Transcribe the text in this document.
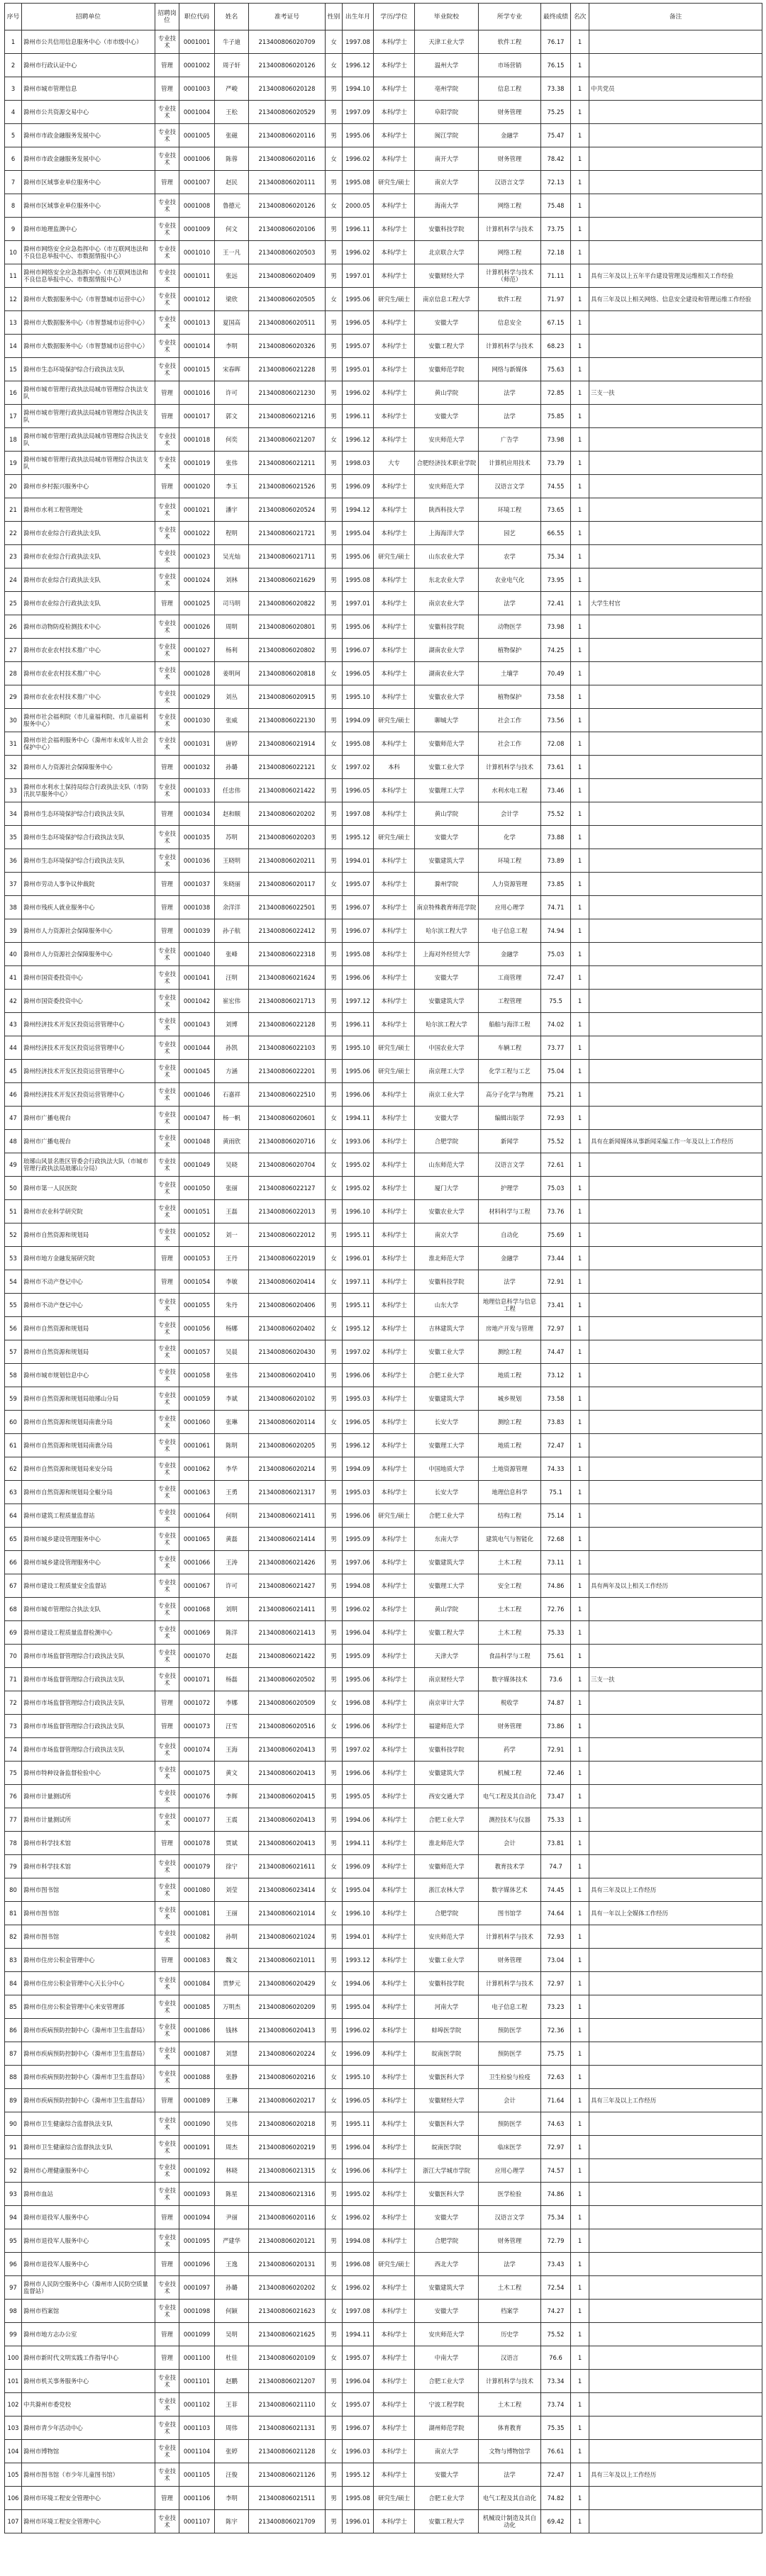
序号	招聘单位	招聘岗位	职位代码	姓名	准考证号	性别	出生年月	学历/学位	毕业院校	所学专业	最终成绩	名次	备注
1	滁州市公共信用信息服务中心（市市级中心）	专业技术	0001001	牛子迪	213400806020709	女	1997.08	本科/学士	天津工业大学	软件工程	76.17	1	
2	滁州市行政认证中心	管理	0001002	周子轩	213400806020126	女	1996.12	本科/学士	温州大学	市场营销	76.15	1	
3	滁州市城市管理信息	管理	0001003	严峻	213400806020128	男	1994.10	本科/学士	亳州学院	信息工程	73.38	1	中共党员
4	滁州市公共资源交易中心	专业技术	0001004	王松	213400806020529	男	1997.09	本科/学士	阜阳学院	财务管理	75.25	1	
5	滁州市市政金融服务发展中心	专业技术	0001005	张磁	213400806020116	男	1995.06	本科/学士	闽江学院	金融学	75.47	1	
6	滁州市市政金融服务发展中心	专业技术	0001006	陈蓉	213400806020116	女	1996.02	本科/学士	南开大学	财务管理	78.42	1	
7	滁州市区域事业单位服务中心	管理	0001007	赵民	213400806020111	男	1995.08	研究生/硕士	南京大学	汉语言文学	72.13	1	
8	滁州市区域事业单位服务中心	专业技术	0001008	鲁德元	213400806020126	女	2000.05	本科/学士	海南大学	网络工程	75.48	1	
9	滁州市地理监测中心	专业技术	0001009	何文	213400806020106	男	1996.11	本科/学士	安徽科技学院	计算机科学与技术	73.75	1	
10	滁州市网络安全应急指挥中心（市互联网违法和不良信息举报中心、市数据情报中心）	专业技术	0001010	王一凡	213400806020503	男	1996.02	本科/学士	北京联合大学	网络工程	72.18	1	
11	滁州市网络安全应急指挥中心（市互联网违法和不良信息举报中心、市数据情报中心）	专业技术	0001011	张远	213400806020409	男	1997.01	本科/学士	安徽财经大学	计算机科学与技术（师范）	71.11	1	具有三年及以上五年平台建设管理及运维相关工作经验
12	滁州市大数据服务中心（市智慧城市运营中心）	专业技术	0001012	梁欣	213400806020505	女	1995.06	研究生/硕士	南京信息工程大学	软件工程	71.97	1	具有三年及以上相关网络、信息安全建设和管理运维工作经验
13	滁州市大数据服务中心（市智慧城市运营中心）	专业技术	0001013	夏国高	213400806020511	男	1996.05	本科/学士	安徽大学	信息安全	67.15	1	
14	滁州市大数据服务中心（市智慧城市运营中心）	专业技术	0001014	李明	213400806020326	男	1995.07	本科/学士	安徽工程大学	计算机科学与技术	68.23	1	
15	滁州市生态环境保护综合行政执法支队	专业技术	0001015	宋春晖	213400806021228	男	1995.01	本科/学士	安徽师范学院	网络与新媒体	75.63	1	
16	滁州市城市管理行政执法局城市管理综合执法支队	管理	0001016	许可	213400806021230	男	1996.02	本科/学士	黄山学院	法学	72.85	1	三支一扶
17	滁州市城市管理行政执法局城市管理综合执法支队	管理	0001017	郭文	213400806021216	男	1996.11	本科/学士	安徽大学	法学	75.85	1	
18	滁州市城市管理行政执法局城市管理综合执法支队	专业技术	0001018	何奕	213400806021207	女	1996.12	本科/学士	安庆师范大学	广告学	73.98	1	
19	滁州市城市管理行政执法局城市管理综合执法支队	专业技术	0001019	张伟	213400806021211	男	1998.03	大专	合肥经济技术职业学院	计算机应用技术	73.79	1	
20	滁州市乡村振兴服务中心	管理	0001020	李玉	213400806021526	男	1996.09	本科/学士	安庆师范大学	汉语言文学	74.55	1	
21	滁州市水利工程管理处	专业技术	0001021	潘宇	213400806020524	男	1994.12	本科/学士	陕西科技大学	环境工程	73.65	1	
22	滁州市农业综合行政执法支队	专业技术	0001022	程明	213400806021721	男	1995.04	本科/学士	上海海洋大学	园艺	66.55	1	
23	滁州市农业综合行政执法支队	专业技术	0001023	吴光灿	213400806021711	男	1995.06	研究生/硕士	山东农业大学	农学	75.34	1	
24	滁州市农业综合行政执法支队	专业技术	0001024	刘林	213400806021629	男	1995.08	本科/学士	东北农业大学	农业电气化	73.95	1	
25	滁州市农业综合行政执法支队	管理	0001025	司马明	213400806020822	男	1997.01	本科/学士	南京农业大学	法学	72.41	1	大学生村官
26	滁州市动物防疫检测技术中心	专业技术	0001026	周明	213400806020801	男	1995.06	本科/学士	安徽科技学院	动物医学	73.98	1	
27	滁州市农业农村技术推广中心	专业技术	0001027	杨利	213400806020802	男	1996.07	本科/学士	湖南农业大学	植物保护	74.25	1	
28	滁州市农业农村技术推广中心	专业技术	0001028	姜明珂	213400806020818	女	1996.05	本科/学士	湖南农业大学	土壤学	70.49	1	
29	滁州市农业农村技术推广中心	专业技术	0001029	刘丛	213400806020915	男	1995.10	本科/学士	安徽农业大学	植物保护	73.58	1	
30	滁州市社会福利院（市儿童福利院、市儿童福利服务中心）	专业技术	0001030	张威	213400806022130	男	1994.09	研究生/硕士	聊城大学	社会工作	73.56	1	
31	滁州市社会福利服务中心（滁州市未成年人社会保护中心）	专业技术	0001031	唐婷	213400806021914	女	1995.08	本科/学士	安徽师范大学	社会工作	72.08	1	
32	滁州市人力资源社会保障服务中心	管理	0001032	孙璐	213400806022121	女	1997.02	本科	安徽工业大学	计算机科学与技术	73.61	1	
33	滁州市水利水土保持局综合行政执法支队（市防汛抗旱服务中心）	专业技术	0001033	任忠伟	213400806021422	男	1996.05	本科/学士	安徽理工大学	水利水电工程	73.46	1	
34	滁州市生态环境保护综合行政执法支队	管理	0001034	赵和顺	213400806020202	男	1997.08	本科/学士	黄山学院	会计学	75.52	1	
35	滁州市生态环境保护综合行政执法支队	专业技术	0001035	苏明	213400806020203	男	1995.12	研究生/硕士	安徽大学	化学	73.88	1	
36	滁州市生态环境保护综合行政执法支队	专业技术	0001036	王晓明	213400806020211	男	1994.01	本科/学士	安徽建筑大学	环境工程	73.89	1	
37	滁州市劳动人事争议仲裁院	管理	0001037	朱晓丽	213400806020117	女	1995.07	本科/学士	滁州学院	人力资源管理	73.85	1	
38	滁州市残疾人就业服务中心	管理	0001038	余洋洋	213400806022501	男	1996.07	本科/学士	南京特殊教育师范学院	应用心理学	74.71	1	
39	滁州市人力资源社会保障服务中心	管理	0001039	孙子航	213400806022412	男	1996.07	本科/学士	哈尔滨工程大学	电子信息工程	74.94	1	
40	滁州市人力资源社会保障服务中心	专业技术	0001040	张峰	213400806022318	男	1995.08	本科/学士	上海对外经贸大学	金融学	75.03	1	
41	滁州市国资委投资中心	专业技术	0001041	汪明	213400806021624	男	1996.06	本科/学士	安徽大学	工商管理	72.47	1	
42	滁州市国资委投资中心	专业技术	0001042	崔宏伟	213400806021713	男	1997.12	本科/学士	安徽建筑大学	工程管理	75.5	1	
43	滁州经济技术开发区投资运营管理中心	专业技术	0001043	刘博	213400806022128	男	1996.11	本科/学士	哈尔滨工程大学	船舶与海洋工程	74.02	1	
44	滁州经济技术开发区投资运营管理中心	专业技术	0001044	孙凯	213400806022103	男	1995.10	研究生/硕士	中国农业大学	车辆工程	73.77	1	
45	滁州经济技术开发区投资运营管理中心	专业技术	0001045	方涵	213400806022201	男	1995.06	研究生/硕士	南京理工大学	化学工程与工艺	75.04	1	
46	滁州经济技术开发区投资运营管理中心	专业技术	0001046	石嘉祥	213400806022510	男	1996.06	本科/学士	南京工业大学	高分子化学与物理	75.21	1	
47	滁州市广播电视台	专业技术	0001047	杨一帆	213400806020601	女	1994.11	本科/学士	安徽大学	编辑出版学	72.93	1	
48	滁州市广播电视台	专业技术	0001048	黄雨欣	213400806020716	女	1993.06	本科/学士	合肥学院	新闻学	75.52	1	具有在新闻媒体从事新闻采编工作一年及以上工作经历
49	琅琊山风景名胜区管委会行政执法大队（市城市管理行政执法局琅琊山分局）	专业技术	0001049	吴晓	213400806020704	女	1995.02	本科/学士	山东师范大学	汉语言文学	72.61	1	
50	滁州市第一人民医院	专业技术	0001050	张丽	213400806022127	女	1995.02	本科/学士	厦门大学	护理学	75.03	1	
51	滁州市农业科学研究院	专业技术	0001051	王磊	213400806022013	男	1996.10	本科/学士	安徽农业大学	材料科学与工程	73.76	1	
52	滁州市自然资源和规划局	专业技术	0001052	刘一	213400806022012	男	1995.11	本科/学士	南京大学	自动化	75.69	1	
53	滁州市地方金融发展研究院	管理	0001053	王丹	213400806022019	女	1996.01	本科/学士	淮北师范大学	金融学	73.44	1	
54	滁州市不动产登记中心	管理	0001054	李敏	213400806020414	女	1997.11	本科/学士	安徽科技学院	法学	72.91	1	
55	滁州市不动产登记中心	专业技术	0001055	朱丹	213400806020406	男	1995.11	本科/学士	山东大学	地理信息科学与信息工程	73.41	1	
56	滁州市自然资源和规划局	专业技术	0001056	杨娜	213400806020402	女	1995.12	本科/学士	吉林建筑大学	房地产开发与管理	72.97	1	
57	滁州市自然资源和规划局	专业技术	0001057	吴晨	213400806020430	男	1997.02	本科/学士	安徽工业大学	测绘工程	74.47	1	
58	滁州市城市规划信息中心	专业技术	0001058	张伟	213400806020410	男	1996.06	本科/学士	合肥工业大学	地质工程	73.12	1	
59	滁州市自然资源和规划局琅琊山分局	专业技术	0001059	李斌	213400806020102	男	1995.03	本科/学士	安徽建筑大学	城乡规划	73.58	1	
60	滁州市自然资源和规划局南谯分局	专业技术	0001060	张琳	213400806020114	女	1996.05	本科/学士	长安大学	测绘工程	73.83	1	
61	滁州市自然资源和规划局南谯分局	专业技术	0001061	陈明	213400806020205	男	1996.12	本科/学士	安徽理工大学	地质工程	72.47	1	
62	滁州市自然资源和规划局来安分局	专业技术	0001062	李华	213400806020214	男	1994.09	本科/学士	中国地质大学	土地资源管理	74.33	1	
63	滁州市自然资源和规划局全椒分局	专业技术	0001063	王勇	213400806021317	男	1995.03	本科/学士	长安大学	地理信息科学	75.1	1	
64	滁州市建筑工程质量监督站	专业技术	0001064	何明	213400806021411	男	1996.06	研究生/硕士	合肥工业大学	结构工程	75.14	1	
65	滁州市城乡建设管理服务中心	专业技术	0001065	黄磊	213400806021414	男	1995.09	本科/学士	东南大学	建筑电气与智能化	72.68	1	
66	滁州市城乡建设管理服务中心	专业技术	0001066	王涛	213400806021426	男	1997.06	本科/学士	安徽建筑大学	土木工程	73.11	1	
67	滁州市建设工程质量安全监督站	专业技术	0001067	许可	213400806021427	男	1994.08	本科/学士	安徽理工大学	安全工程	74.86	1	具有两年及以上相关工作经历
68	滁州市城市管理综合执法支队	专业技术	0001068	刘明	213400806021411	男	1996.02	本科/学士	黄山学院	土木工程	72.76	1	
69	滁州市建设工程质量监督检测中心	专业技术	0001069	陈洋	213400806021413	男	1996.04	本科/学士	安徽工程大学	土木工程	75.33	1	
70	滁州市市场监督管理综合行政执法支队	专业技术	0001070	赵磊	213400806021422	男	1995.09	本科/学士	天津大学	食品科学与工程	75.61	1	
71	滁州市市场监督管理综合行政执法支队	专业技术	0001071	杨磊	213400806020502	男	1995.06	本科/学士	南京财经大学	数字媒体技术	73.6	1	三支一扶
72	滁州市市场监督管理综合行政执法支队	管理	0001072	李娜	213400806020509	女	1996.08	本科/学士	南京审计大学	税收学	74.87	1	
73	滁州市市场监督管理综合行政执法支队	管理	0001073	汪雪	213400806020516	女	1996.06	本科/学士	福建师范大学	财务管理	73.86	1	
74	滁州市市场监督管理综合行政执法支队	专业技术	0001074	王海	213400806020413	男	1997.02	本科/学士	安徽科技学院	药学	72.91	1	
75	滁州市特种设备监督检验中心	专业技术	0001075	黄文	213400806020413	男	1996.06	本科/学士	安徽建筑大学	机械工程	72.46	1	
76	滁州市计量测试所	专业技术	0001076	李辉	213400806020415	男	1995.05	本科/学士	西安交通大学	电气工程及其自动化	73.47	1	
77	滁州市计量测试所	专业技术	0001077	王震	213400806020413	男	1994.06	本科/学士	合肥工业大学	测控技术与仪器	75.33	1	
78	滁州市科学技术馆	管理	0001078	贾斌	213400806020413	男	1994.11	本科/学士	淮北师范大学	会计	73.81	1	
79	滁州市科学技术馆	专业技术	0001079	徐宁	213400806021611	女	1996.09	本科/学士	安徽师范大学	教育技术学	74.7	1	
80	滁州市图书馆	专业技术	0001080	刘莹	213400806023414	女	1995.04	本科/学士	浙江农林大学	数字媒体艺术	74.45	1	具有三年及以上工作经历
81	滁州市图书馆	专业技术	0001081	王丽	213400806021014	女	1996.10	本科/学士	合肥学院	图书馆学	74.64	1	具有一年以上全媒体工作经历
82	滁州市图书馆	专业技术	0001082	孙明	213400806021024	男	1994.01	本科/学士	安庆师范大学	计算机科学与技术	72.93	1	
83	滁州市住房公积金管理中心	管理	0001083	魏文	213400806021011	男	1993.12	本科/学士	安徽工业大学	财务管理	73.04	1	
84	滁州市住房公积金管理中心天长分中心	专业技术	0001084	贾梦元	213400806020429	女	1994.06	本科/学士	安徽科技学院	计算机科学与技术	72.97	1	
85	滁州市住房公积金管理中心来安管理部	专业技术	0001085	万明杰	213400806020209	男	1995.04	本科/学士	河南大学	电子信息工程	73.23	1	
86	滁州市疾病预防控制中心（滁州市卫生监督局）	专业技术	0001086	钱林	213400806020413	男	1996.02	本科/学士	蚌埠医学院	预防医学	72.36	1	
87	滁州市疾病预防控制中心（滁州市卫生监督局）	专业技术	0001087	刘慧	213400806020224	女	1996.09	本科/学士	皖南医学院	预防医学	75.75	1	
88	滁州市疾病预防控制中心（滁州市卫生监督局）	专业技术	0001088	张静	213400806020216	女	1995.10	本科/学士	安徽医科大学	卫生检验与检疫	72.63	1	
89	滁州市疾病预防控制中心（滁州市卫生监督局）	管理	0001089	王琳	213400806020217	女	1996.05	本科/学士	安徽财经大学	会计	71.64	1	具有三年及以上工作经历
90	滁州市卫生健康综合监督执法支队	专业技术	0001090	吴伟	213400806020218	男	1995.11	本科/学士	安徽医科大学	预防医学	74.63	1	
91	滁州市卫生健康综合监督执法支队	专业技术	0001091	周杰	213400806020219	男	1996.04	本科/学士	皖南医学院	临床医学	72.97	1	
92	滁州市心理健康服务中心	专业技术	0001092	林晓	213400806021315	女	1996.06	本科/学士	浙江大学城市学院	应用心理学	74.57	1	
93	滁州市血站	专业技术	0001093	陈星	213400806021316	男	1995.02	本科/学士	安徽医科大学	医学检验	74.86	1	
94	滁州市退役军人服务中心	管理	0001094	尹丽	213400806020116	女	1996.02	本科/学士	安徽大学	汉语言文学	75.34	1	
95	滁州市退役军人服务中心	专业技术	0001095	严建华	213400806020121	男	1994.08	本科/学士	合肥学院	财务管理	72.79	1	
96	滁州市退役军人服务中心	管理	0001096	王逸	213400806020131	男	1996.08	研究生/硕士	西北大学	法学	73.43	1	
97	滁州市人民防空服务中心（滁州市人民防空质量监督站）	专业技术	0001097	孙璐	213400806020202	女	1996.02	本科/学士	安徽建筑大学	土木工程	72.54	1	
98	滁州市档案馆	专业技术	0001098	何颖	213400806021623	女	1997.08	本科/学士	安徽大学	档案学	74.27	1	
99	滁州市地方志办公室	管理	0001099	吴明	213400806021625	男	1994.11	本科/学士	安庆师范大学	历史学	75.52	1	
100	滁州市新时代文明实践工作指导中心	管理	0001100	杜佳	213400806020109	女	1995.07	本科/学士	中南大学	汉语言	76.6	1	
101	滁州市机关事务服务中心	专业技术	0001101	赵鹏	213400806021207	男	1996.04	本科/学士	合肥工业大学	计算机科学与技术	73.34	1	
102	中共滁州市委党校	专业技术	0001102	王菲	213400806021110	女	1995.07	本科/学士	宁波工程学院	土木工程	73.74	1	
103	滁州市青少年活动中心	专业技术	0001103	周伟	213400806021131	男	1996.07	本科/学士	湖州师范学院	体育教育	75.35	1	
104	滁州市博物馆	专业技术	0001104	张婷	213400806021128	女	1996.03	本科/学士	南京大学	文物与博物馆学	76.61	1	
105	滁州市图书馆（市少年儿童图书馆）	专业技术	0001105	汪俊	213400806021126	男	1995.12	本科/学士	安徽大学	法学	72.47	1	具有三年及以上工作经历
106	滁州市环境工程安全管理中心	管理	0001106	李明	213400806021511	男	1995.08	研究生/硕士	合肥工业大学	电气工程及其自动化	74.82	1	
107	滁州市环境工程安全管理中心	专业技术	0001107	陈宇	213400806021709	男	1996.01	本科/学士	安徽工程大学	机械设计制造及其自动化	69.42	1	
